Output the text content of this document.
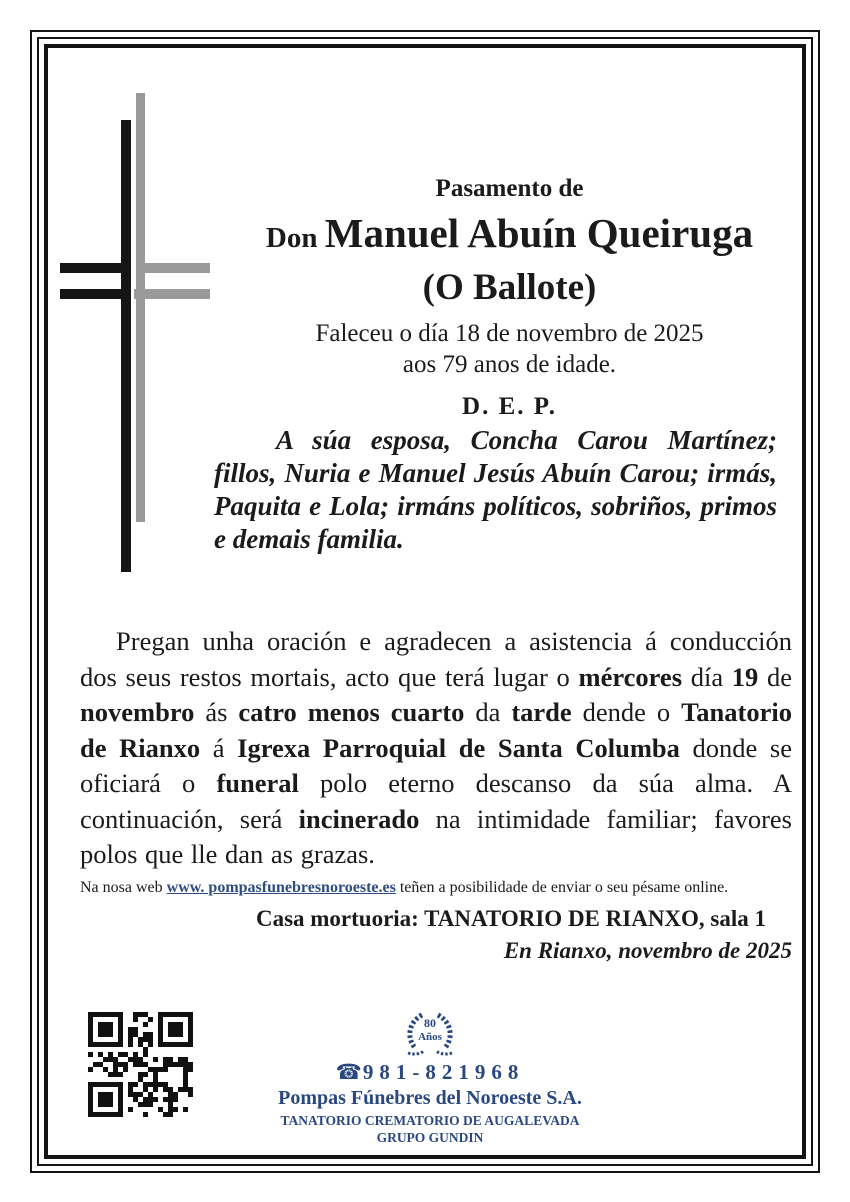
Pasamento de
Don Manuel Abuín Queiruga
(O Ballote)
Faleceu o día 18 de novembro de 2025
aos 79 anos de idade.
D. E. P.
A súa esposa, Concha Carou Martínez; fillos, Nuria e Manuel Jesús Abuín Carou; irmás, Paquita e Lola; irmáns políticos, sobriños, primos e demais familia.
Pregan unha oración e agradecen a asistencia á conducción dos seus restos mortais, acto que terá lugar o mércores día 19 de novembro ás catro menos cuarto da tarde dende o Tanatorio de Rianxo á Igrexa Parroquial de Santa Columba donde se oficiará o funeral polo eterno descanso da súa alma. A continuación, será incinerado na intimidade familiar; favores polos que lle dan as grazas.
Na nosa web www. pompasfunebresnoroeste.es teñen a posibilidade de enviar o seu pésame online.
Casa mortuoria: TANATORIO DE RIANXO, sala 1
En Rianxo, novembro de 2025
80
Años
☎981-821968
Pompas Fúnebres del Noroeste S.A.
TANATORIO CREMATORIO DE AUGALEVADA
GRUPO GUNDIN
